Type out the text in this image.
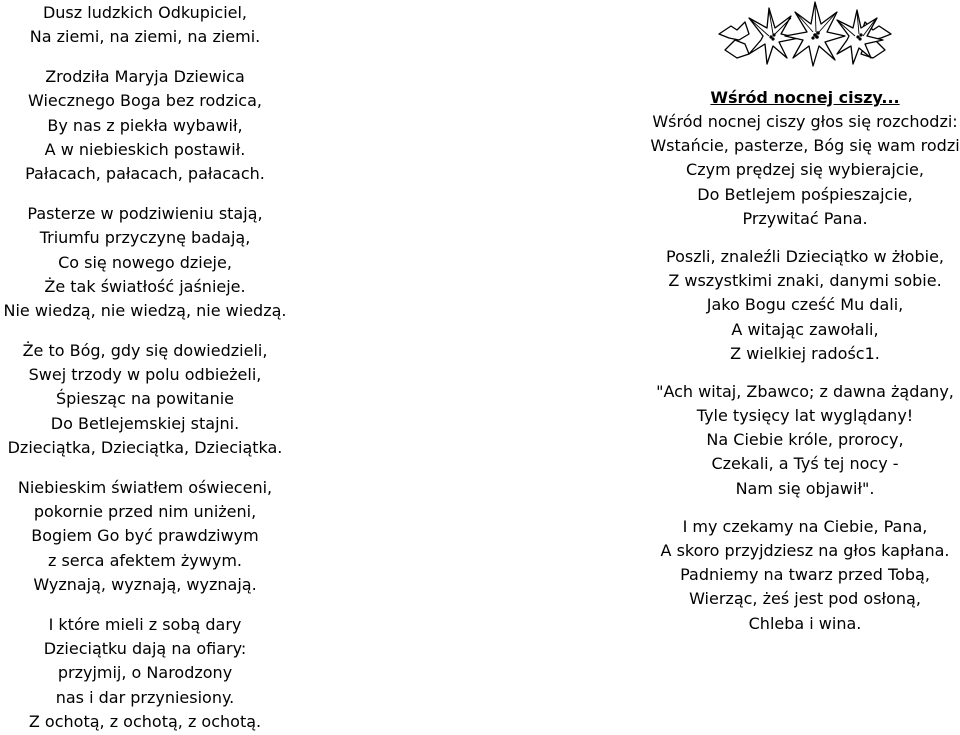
Dusz ludzkich Odkupiciel,
Na ziemi, na ziemi, na ziemi.
Zrodziła Maryja Dziewica
Wiecznego Boga bez rodzica,
By nas z piekła wybawił,
A w niebieskich postawił.
Pałacach, pałacach, pałacach.
Pasterze w podziwieniu stają,
Triumfu przyczynę badają,
Co się nowego dzieje,
Że tak światłość jaśnieje.
Nie wiedzą, nie wiedzą, nie wiedzą.
Że to Bóg, gdy się dowiedzieli,
Swej trzody w polu odbieżeli,
Śpiesząc na powitanie
Do Betlejemskiej stajni.
Dzieciątka, Dzieciątka, Dzieciątka.
Niebieskim światłem oświeceni,
pokornie przed nim uniżeni,
Bogiem Go być prawdziwym
z serca afektem żywym.
Wyznają, wyznają, wyznają.
I które mieli z sobą dary
Dzieciątku dają na ofiary:
przyjmij, o Narodzony
nas i dar przyniesiony.
Z ochotą, z ochotą, z ochotą.
Wśród nocnej ciszy...
Wśród nocnej ciszy głos się rozchodzi:
Wstańcie, pasterze, Bóg się wam rodzi
Czym prędzej się wybierajcie,
Do Betlejem pośpieszajcie,
Przywitać Pana.
Poszli, znaleźli Dzieciątko w żłobie,
Z wszystkimi znaki, danymi sobie.
Jako Bogu cześć Mu dali,
A witając zawołali,
Z wielkiej radośc1.
"Ach witaj, Zbawco; z dawna żądany,
Tyle tysięcy lat wyglądany!
Na Ciebie króle, prorocy,
Czekali, a Tyś tej nocy -
Nam się objawił".
I my czekamy na Ciebie, Pana,
A skoro przyjdziesz na głos kapłana.
Padniemy na twarz przed Tobą,
Wierząc, żeś jest pod osłoną,
Chleba i wina.
